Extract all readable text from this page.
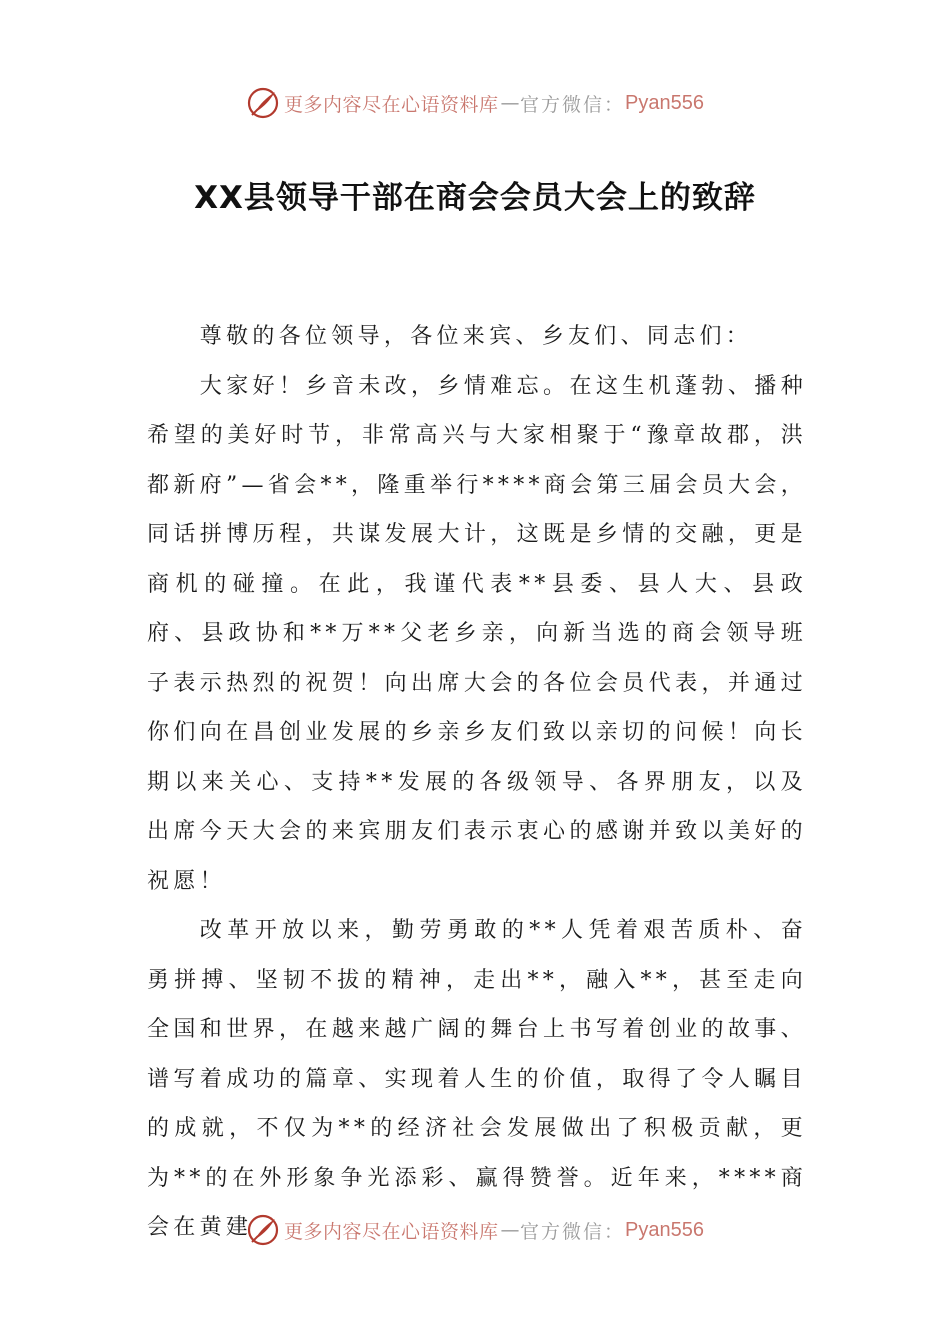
更多内容尽在心语资料库 — 官方微信： Pyan556
XX县领导干部在商会会员大会上的致辞

尊敬的各位领导，各位来宾、乡友们、同志们：

大家好！乡音未改，乡情难忘。在这生机蓬勃、播种希望的美好时节，非常高兴与大家相聚于“豫章故郡，洪都新府”—省会**，隆重举行****商会第三届会员大会，同话拼博历程，共谋发展大计，这既是乡情的交融，更是商机的碰撞。在此，我谨代表**县委、县人大、县政府、县政协和**万**父老乡亲，向新当选的商会领导班子表示热烈的祝贺！向出席大会的各位会员代表，并通过你们向在昌创业发展的乡亲乡友们致以亲切的问候！向长期以来关心、支持**发展的各级领导、各界朋友，以及出席今天大会的来宾朋友们表示衷心的感谢并致以美好的祝愿！

改革开放以来，勤劳勇敢的**人凭着艰苦质朴、奋勇拼搏、坚韧不拔的精神，走出**，融入**，甚至走向全国和世界，在越来越广阔的舞台上书写着创业的故事、谱写着成功的篇章、实现着人生的价值，取得了令人瞩目的成就，不仅为**的经济社会发展做出了积极贡献，更为**的在外形象争光添彩、赢得赞誉。近年来，****商会在黄建	更多内容尽在心语资料库 — 官方微信： Pyan556
